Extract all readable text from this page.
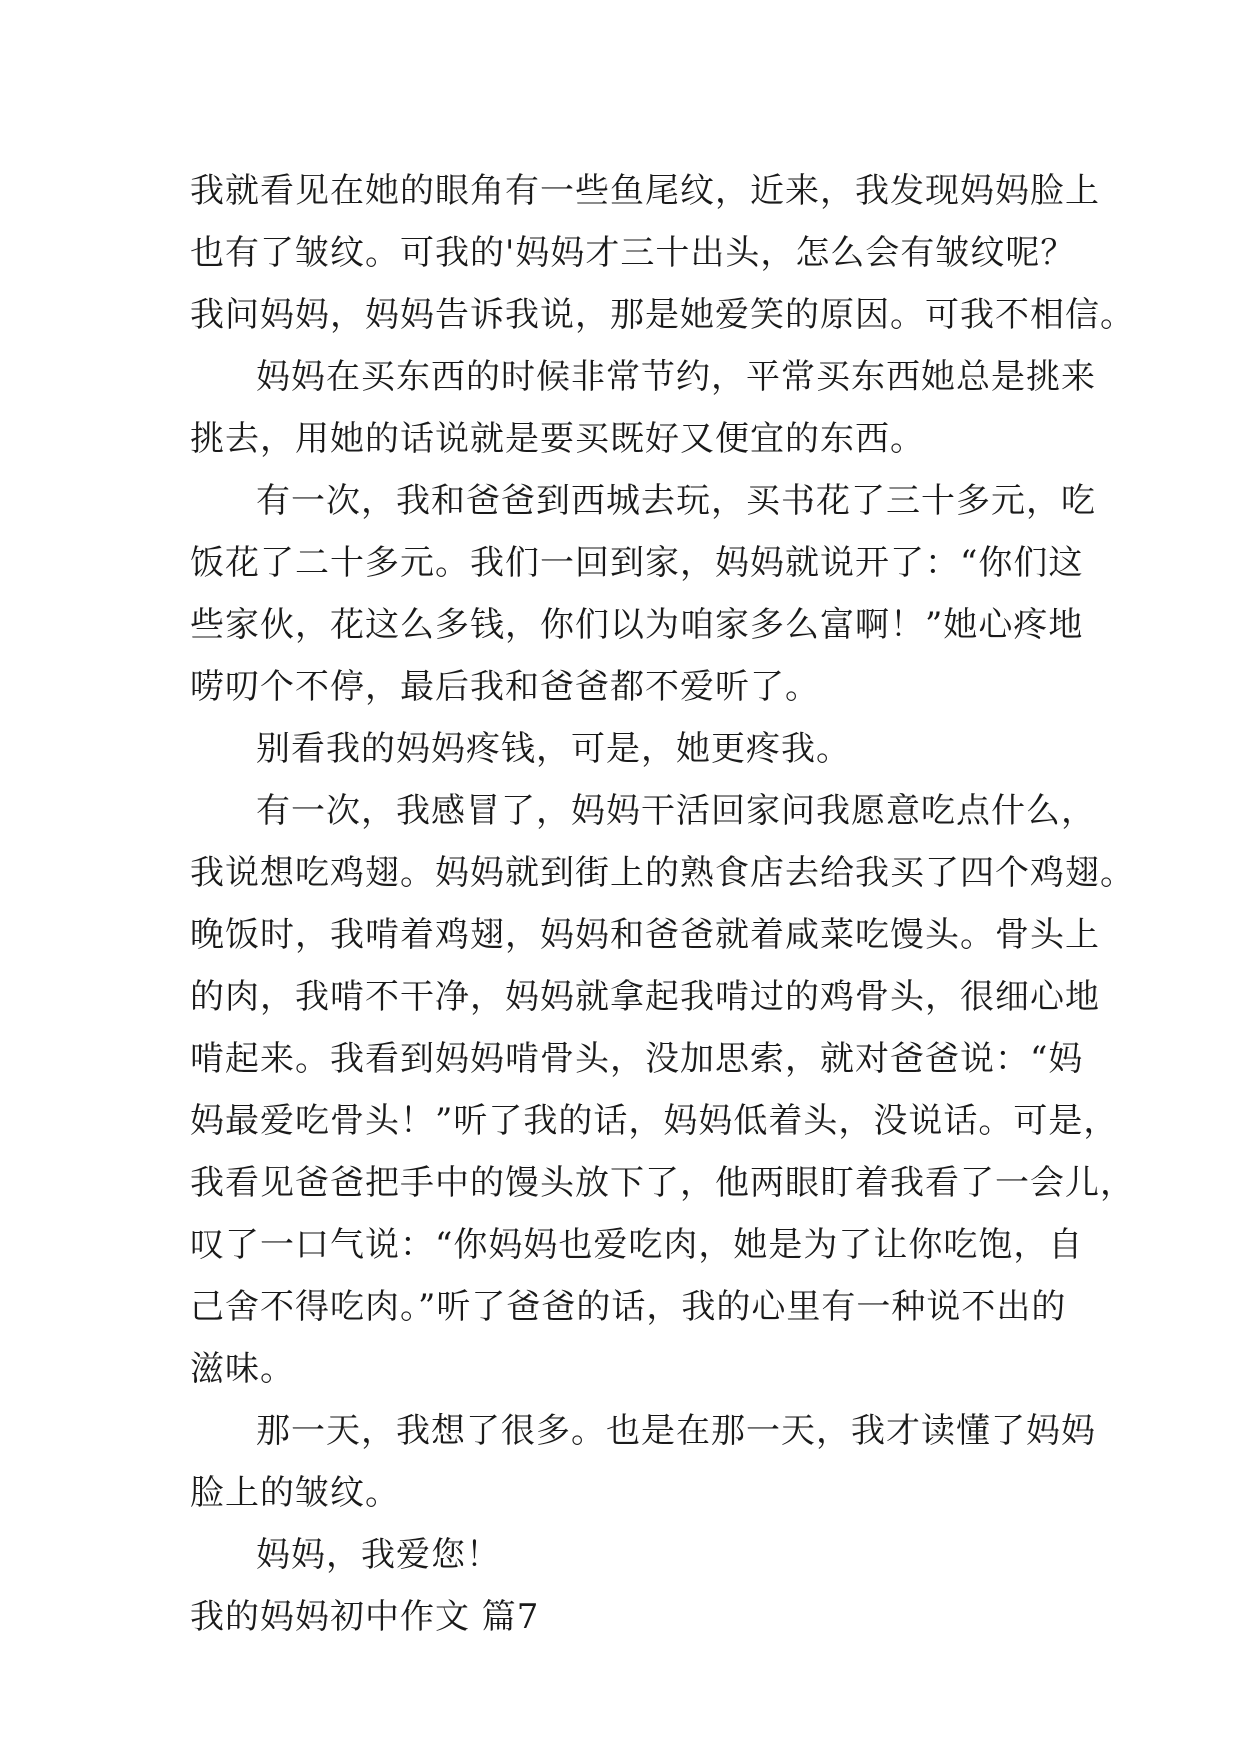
我就看见在她的眼角有一些鱼尾纹，近来，我发现妈妈脸上
也有了皱纹。可我的'妈妈才三十出头，怎么会有皱纹呢？
我问妈妈，妈妈告诉我说，那是她爱笑的原因。可我不相信。
妈妈在买东西的时候非常节约，平常买东西她总是挑来
挑去，用她的话说就是要买既好又便宜的东西。
有一次，我和爸爸到西城去玩，买书花了三十多元，吃
饭花了二十多元。我们一回到家，妈妈就说开了：“你们这
些家伙，花这么多钱，你们以为咱家多么富啊！”她心疼地
唠叨个不停，最后我和爸爸都不爱听了。
别看我的妈妈疼钱，可是，她更疼我。
有一次，我感冒了，妈妈干活回家问我愿意吃点什么，
我说想吃鸡翅。妈妈就到街上的熟食店去给我买了四个鸡翅。
晚饭时，我啃着鸡翅，妈妈和爸爸就着咸菜吃馒头。骨头上
的肉，我啃不干净，妈妈就拿起我啃过的鸡骨头，很细心地
啃起来。我看到妈妈啃骨头，没加思索，就对爸爸说：“妈
妈最爱吃骨头！”听了我的话，妈妈低着头，没说话。可是，
我看见爸爸把手中的馒头放下了，他两眼盯着我看了一会儿，
叹了一口气说：“你妈妈也爱吃肉，她是为了让你吃饱，自
己舍不得吃肉。”听了爸爸的话，我的心里有一种说不出的
滋味。
那一天，我想了很多。也是在那一天，我才读懂了妈妈
脸上的皱纹。
妈妈，我爱您！
我的妈妈初中作文 篇7
